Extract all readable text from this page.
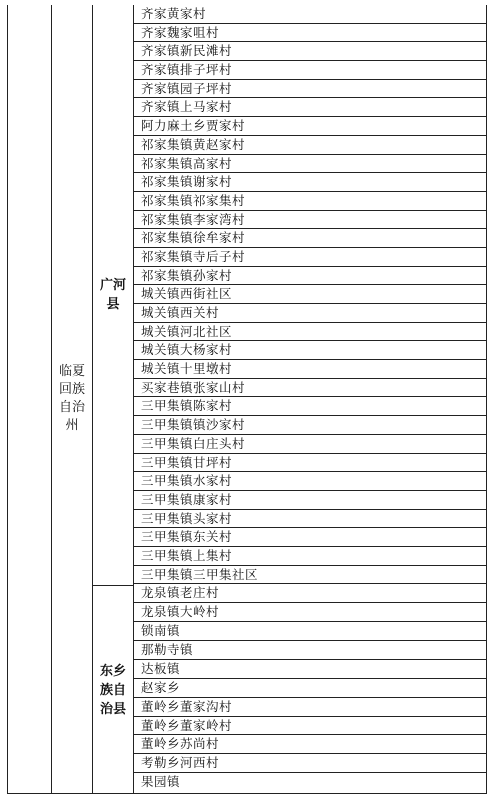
临夏回族自治州
广河县
东乡族自治县
齐家黄家村
齐家魏家咀村
齐家镇新民滩村
齐家镇排子坪村
齐家镇园子坪村
齐家镇上马家村
阿力麻土乡贾家村
祁家集镇黄赵家村
祁家集镇高家村
祁家集镇谢家村
祁家集镇祁家集村
祁家集镇李家湾村
祁家集镇徐牟家村
祁家集镇寺后子村
祁家集镇孙家村
城关镇西街社区
城关镇西关村
城关镇河北社区
城关镇大杨家村
城关镇十里墩村
买家巷镇张家山村
三甲集镇陈家村
三甲集镇镇沙家村
三甲集镇白庄头村
三甲集镇甘坪村
三甲集镇水家村
三甲集镇康家村
三甲集镇头家村
三甲集镇东关村
三甲集镇上集村
三甲集镇三甲集社区
龙泉镇老庄村
龙泉镇大岭村
锁南镇
那勒寺镇
达板镇
赵家乡
董岭乡董家沟村
董岭乡董家岭村
董岭乡苏尚村
考勒乡河西村
果园镇
